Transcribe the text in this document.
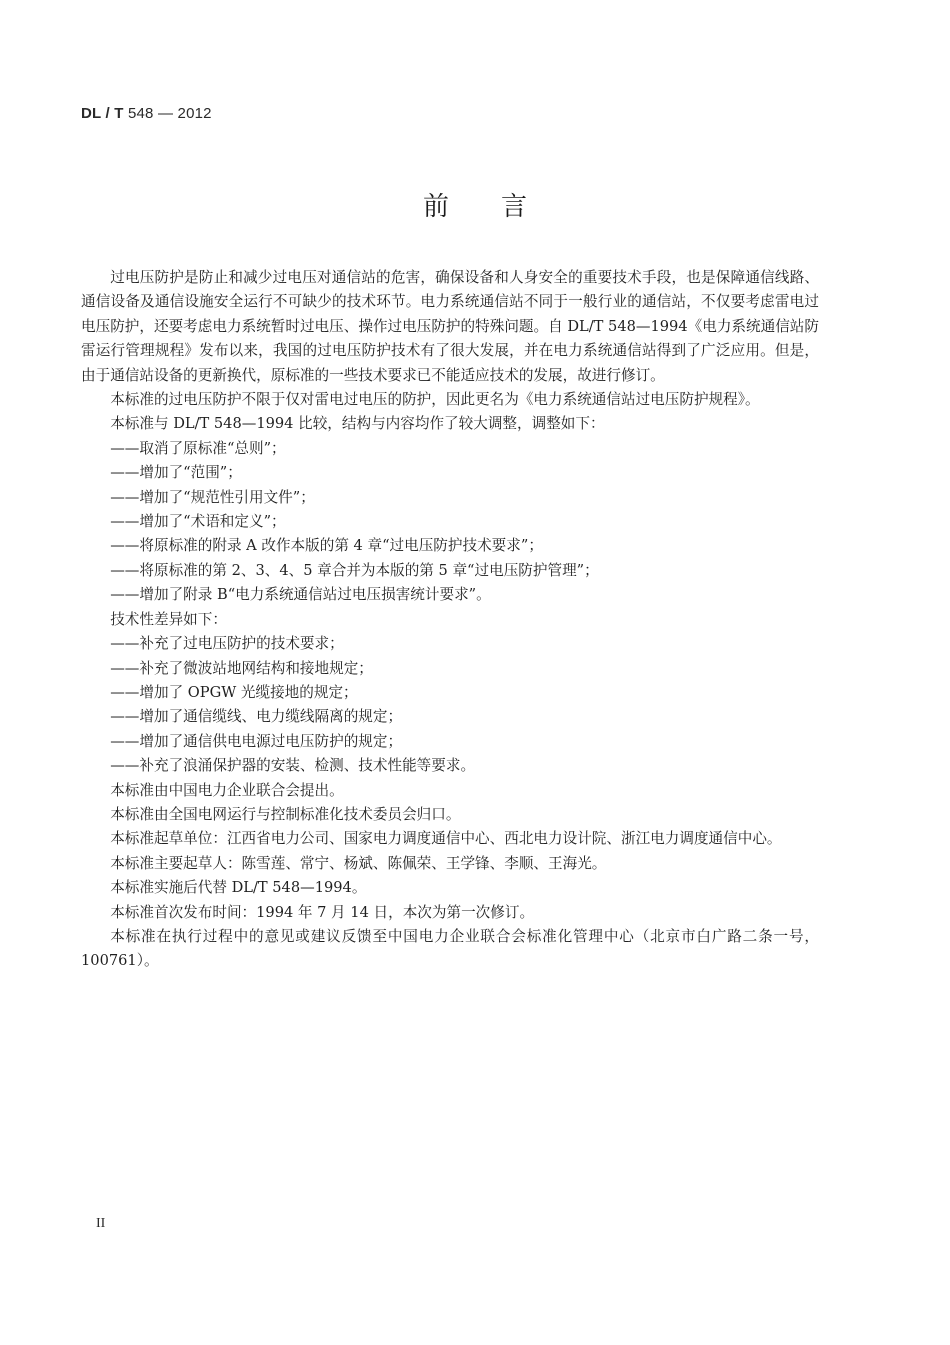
DL / T 548 — 2012
前言

过电压防护是防止和减少过电压对通信站的危害，确保设备和人身安全的重要技术手段，也是保障通信线路、通信设备及通信设施安全运行不可缺少的技术环节。电力系统通信站不同于一般行业的通信站，不仅要考虑雷电过电压防护，还要考虑电力系统暂时过电压、操作过电压防护的特殊问题。自 DL/T 548—1994《电力系统通信站防雷运行管理规程》发布以来，我国的过电压防护技术有了很大发展，并在电力系统通信站得到了广泛应用。但是，由于通信站设备的更新换代，原标准的一些技术要求已不能适应技术的发展，故进行修订。

本标准的过电压防护不限于仅对雷电过电压的防护，因此更名为《电力系统通信站过电压防护规程》。

本标准与 DL/T 548—1994 比较，结构与内容均作了较大调整，调整如下：

——取消了原标准“总则”；

——增加了“范围”；

——增加了“规范性引用文件”；

——增加了“术语和定义”；

——将原标准的附录 A 改作本版的第 4 章“过电压防护技术要求”；

——将原标准的第 2、3、4、5 章合并为本版的第 5 章“过电压防护管理”；

——增加了附录 B“电力系统通信站过电压损害统计要求”。

技术性差异如下：

——补充了过电压防护的技术要求；

——补充了微波站地网结构和接地规定；

——增加了 OPGW 光缆接地的规定；

——增加了通信缆线、电力缆线隔离的规定；

——增加了通信供电电源过电压防护的规定；

——补充了浪涌保护器的安装、检测、技术性能等要求。

本标准由中国电力企业联合会提出。

本标准由全国电网运行与控制标准化技术委员会归口。

本标准起草单位：江西省电力公司、国家电力调度通信中心、西北电力设计院、浙江电力调度通信中心。

本标准主要起草人：陈雪莲、常宁、杨斌、陈佩荣、王学锋、李顺、王海光。

本标准实施后代替 DL/T 548—1994。

本标准首次发布时间：1994 年 7 月 14 日，本次为第一次修订。

本标准在执行过程中的意见或建议反馈至中国电力企业联合会标准化管理中心（北京市白广路二条一号，100761）。

II
